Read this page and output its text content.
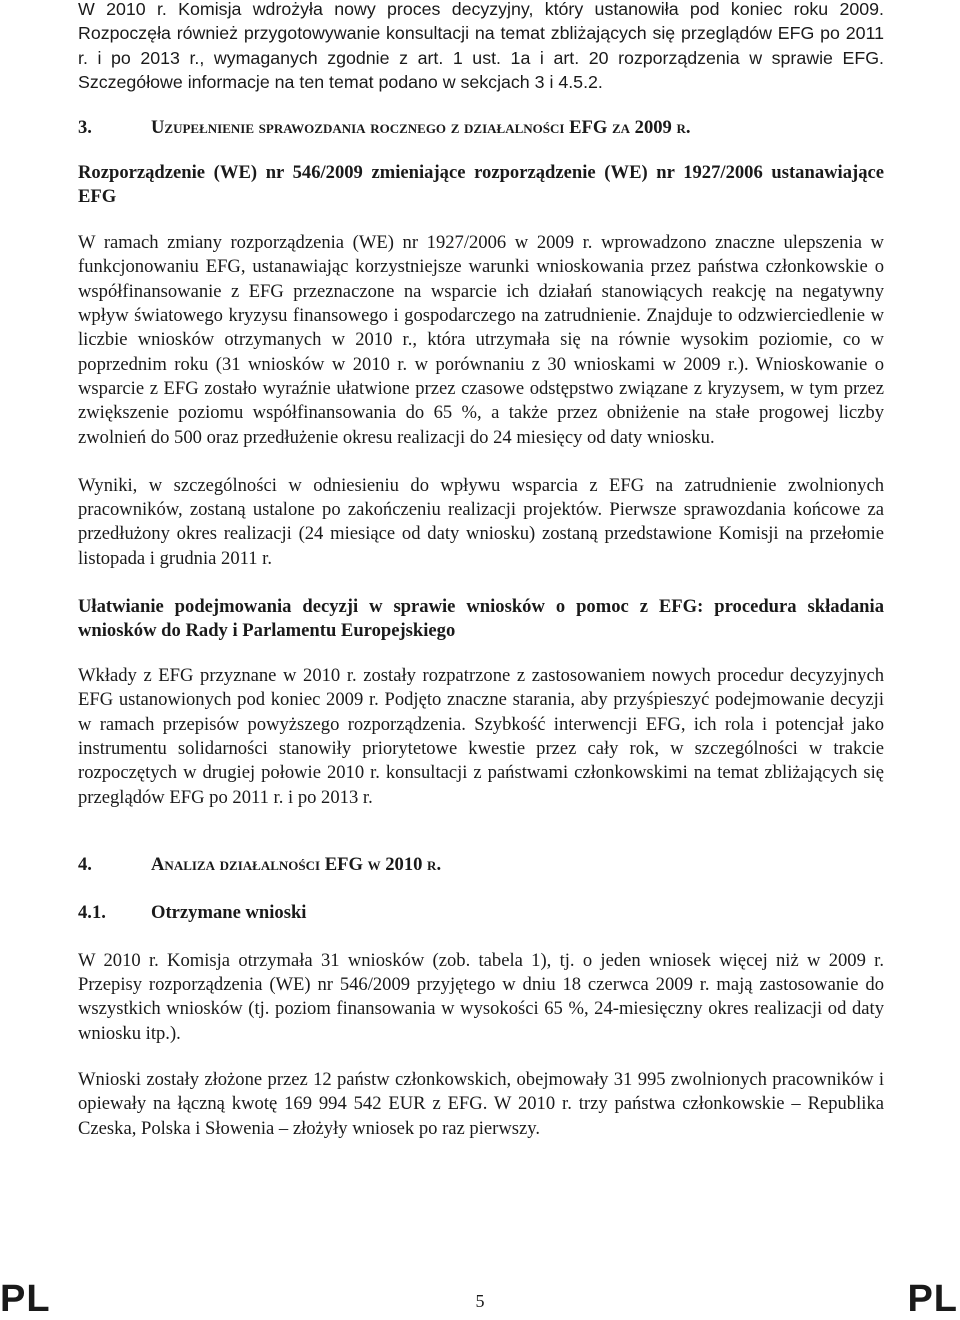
W 2010 r. Komisja wdrożyła nowy proces decyzyjny, który ustanowiła pod koniec roku 2009. Rozpoczęła również przygotowywanie konsultacji na temat zbliżających się przeglądów EFG po 2011 r. i po 2013 r., wymaganych zgodnie z art. 1 ust. 1a i art. 20 rozporządzenia w sprawie EFG. Szczegółowe informacje na ten temat podano w sekcjach 3 i 4.5.2.

3.	Uzupełnienie sprawozdania rocznego z działalności EFG za 2009 r.

Rozporządzenie (WE) nr 546/2009 zmieniające rozporządzenie (WE) nr 1927/2006 ustanawiające EFG

W ramach zmiany rozporządzenia (WE) nr 1927/2006 w 2009 r. wprowadzono znaczne ulepszenia w funkcjonowaniu EFG, ustanawiając korzystniejsze warunki wnioskowania przez państwa członkowskie o współfinansowanie z EFG przeznaczone na wsparcie ich działań stanowiących reakcję na negatywny wpływ światowego kryzysu finansowego i gospodarczego na zatrudnienie. Znajduje to odzwierciedlenie w liczbie wniosków otrzymanych w 2010 r., która utrzymała się na równie wysokim poziomie, co w poprzednim roku (31 wniosków w 2010 r. w porównaniu z 30 wnioskami w 2009 r.). Wnioskowanie o wsparcie z EFG zostało wyraźnie ułatwione przez czasowe odstępstwo związane z kryzysem, w tym przez zwiększenie poziomu współfinansowania do 65 %, a także przez obniżenie na stałe progowej liczby zwolnień do 500 oraz przedłużenie okresu realizacji do 24 miesięcy od daty wniosku.

Wyniki, w szczególności w odniesieniu do wpływu wsparcia z EFG na zatrudnienie zwolnionych pracowników, zostaną ustalone po zakończeniu realizacji projektów. Pierwsze sprawozdania końcowe za przedłużony okres realizacji (24 miesiące od daty wniosku) zostaną przedstawione Komisji na przełomie listopada i grudnia 2011 r.

Ułatwianie podejmowania decyzji w sprawie wniosków o pomoc z EFG: procedura składania wniosków do Rady i Parlamentu Europejskiego

Wkłady z EFG przyznane w 2010 r. zostały rozpatrzone z zastosowaniem nowych procedur decyzyjnych EFG ustanowionych pod koniec 2009 r. Podjęto znaczne starania, aby przyśpieszyć podejmowanie decyzji w ramach przepisów powyższego rozporządzenia. Szybkość interwencji EFG, ich rola i potencjał jako instrumentu solidarności stanowiły priorytetowe kwestie przez cały rok, w szczególności w trakcie rozpoczętych w drugiej połowie 2010 r. konsultacji z państwami członkowskimi na temat zbliżających się przeglądów EFG po 2011 r. i po 2013 r.

4.	Analiza działalności EFG w 2010 r.
4.1.	Otrzymane wnioski

W 2010 r. Komisja otrzymała 31 wniosków (zob. tabela 1), tj. o jeden wniosek więcej niż w 2009 r. Przepisy rozporządzenia (WE) nr 546/2009 przyjętego w dniu 18 czerwca 2009 r. mają zastosowanie do wszystkich wniosków (tj. poziom finansowania w wysokości 65 %, 24-miesięczny okres realizacji od daty wniosku itp.).

Wnioski zostały złożone przez 12 państw członkowskich, obejmowały 31 995 zwolnionych pracowników i opiewały na łączną kwotę 169 994 542 EUR z EFG. W 2010 r. trzy państwa członkowskie – Republika Czeska, Polska i Słowenia – złożyły wniosek po raz pierwszy.

PL	5	PL
